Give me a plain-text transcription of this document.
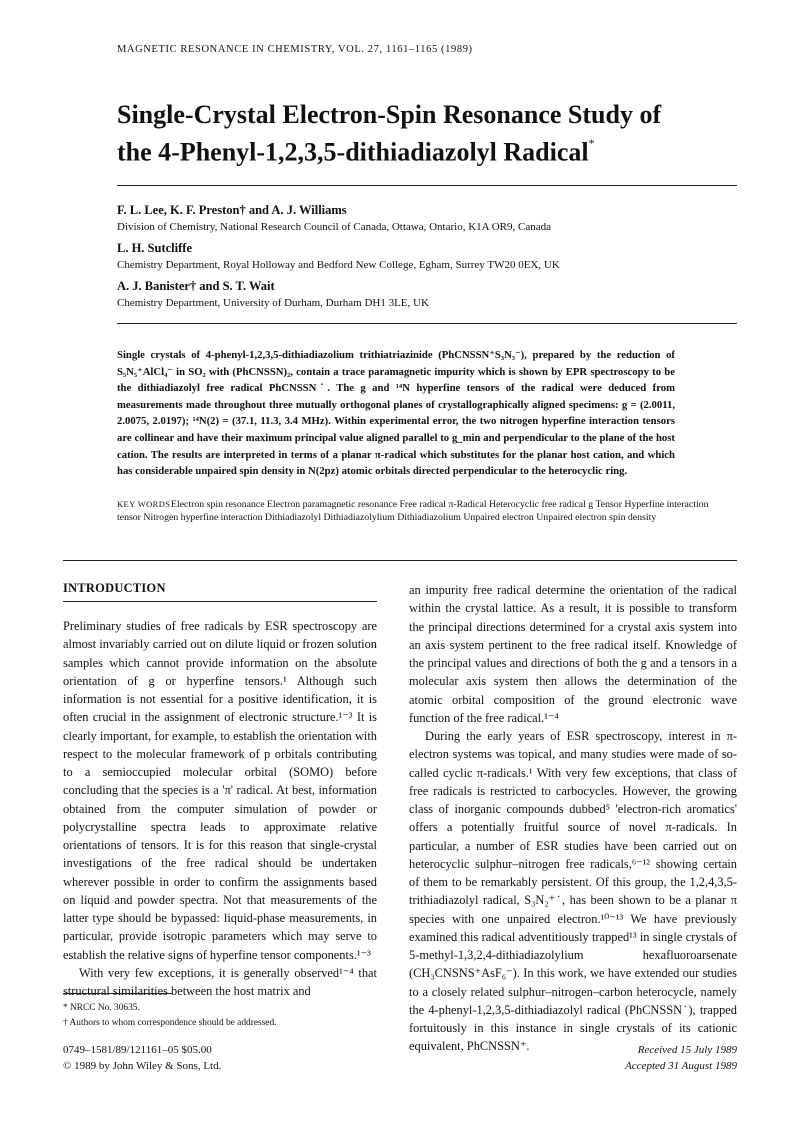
MAGNETIC RESONANCE IN CHEMISTRY, VOL. 27, 1161–1165 (1989)
Single-Crystal Electron-Spin Resonance Study of
the 4-Phenyl-1,2,3,5-dithiadiazolyl Radical*
F. L. Lee, K. F. Preston† and A. J. Williams
Division of Chemistry, National Research Council of Canada, Ottawa, Ontario, K1A OR9, Canada
L. H. Sutcliffe
Chemistry Department, Royal Holloway and Bedford New College, Egham, Surrey TW20 0EX, UK
A. J. Banister† and S. T. Wait
Chemistry Department, University of Durham, Durham DH1 3LE, UK

Single crystals of 4-phenyl-1,2,3,5-dithiadiazolium trithiatriazinide (PhCNSSN⁺S₃N₃⁻), prepared by the reduction of S₅N₅⁺AlCl₄⁻ in SO₂ with (PhCNSSN)₂, contain a trace paramagnetic impurity which is shown by EPR spectroscopy to be the dithiadiazolyl free radical PhCNSSN˙. The g and ¹⁴N hyperfine tensors of the radical were deduced from measurements made throughout three mutually orthogonal planes of crystallographically aligned specimens: g = (2.0011, 2.0075, 2.0197); ¹⁴N(2) = (37.1, 11.3, 3.4 MHz). Within experimental error, the two nitrogen hyperfine interaction tensors are collinear and have their maximum principal value aligned parallel to g_min and perpendicular to the plane of the host cation. The results are interpreted in terms of a planar π-radical which substitutes for the planar host cation, and which has considerable unpaired spin density in N(2pz) atomic orbitals directed perpendicular to the heterocyclic ring.

KEY WORDSElectron spin resonance Electron paramagnetic resonance Free radical π-Radical Heterocyclic free radical g Tensor Hyperfine interaction tensor Nitrogen hyperfine interaction Dithiadiazolyl Dithiadiazolylium Dithiadiazolium Unpaired electron Unpaired electron spin density
INTRODUCTION

Preliminary studies of free radicals by ESR spectroscopy are almost invariably carried out on dilute liquid or frozen solution samples which cannot provide information on the absolute orientation of g or hyperfine tensors.¹ Although such information is not essential for a positive identification, it is often crucial in the assignment of electronic structure.¹⁻³ It is clearly important, for example, to establish the orientation with respect to the molecular framework of p orbitals contributing to a semioccupied molecular orbital (SOMO) before concluding that the species is a 'π' radical. At best, information obtained from the computer simulation of powder or polycrystalline spectra leads to approximate relative orientations of tensors. It is for this reason that single-crystal investigations of the free radical should be undertaken wherever possible in order to confirm the assignments based on liquid and powder spectra. Not that measurements of the latter type should be bypassed: liquid-phase measurements, in particular, provide isotropic parameters which may serve to establish the relative signs of hyperfine tensor components.¹⁻³

With very few exceptions, it is generally observed¹⁻⁴ that structural similarities between the host matrix and

an impurity free radical determine the orientation of the radical within the crystal lattice. As a result, it is possible to transform the principal directions determined for a crystal axis system into an axis system pertinent to the free radical itself. Knowledge of the principal values and directions of both the g and a tensors in a molecular axis system then allows the determination of the atomic orbital composition of the ground electronic wave function of the free radical.¹⁻⁴

During the early years of ESR spectroscopy, interest in π-electron systems was topical, and many studies were made of so-called cyclic π-radicals.¹ With very few exceptions, that class of free radicals is restricted to carbocycles. However, the growing class of inorganic compounds dubbed⁵ 'electron-rich aromatics' offers a potentially fruitful source of novel π-radicals. In particular, a number of ESR studies have been carried out on heterocyclic sulphur–nitrogen free radicals,⁶⁻¹² showing certain of them to be remarkably persistent. Of this group, the 1,2,4,3,5-trithiadiazolyl radical, S₃N₂⁺˙, has been shown to be a planar π species with one unpaired electron.¹⁰⁻¹³ We have previously examined this radical adventitiously trapped¹³ in single crystals of 5-methyl-1,3,2,4-dithiadiazolylium hexafluoroarsenate (CH₃CNSNS⁺AsF₆⁻). In this work, we have extended our studies to a closely related sulphur–nitrogen–carbon heterocycle, namely the 4-phenyl-1,2,3,5-dithiadiazolyl radical (PhCNSSN˙), trapped fortuitously in this instance in single crystals of its cationic equivalent, PhCNSSN⁺.

* NRCC No. 30635.
† Authors to whom correspondence should be addressed.
0749–1581/89/121161–05 $05.00
© 1989 by John Wiley & Sons, Ltd.
Received 15 July 1989
Accepted 31 August 1989
